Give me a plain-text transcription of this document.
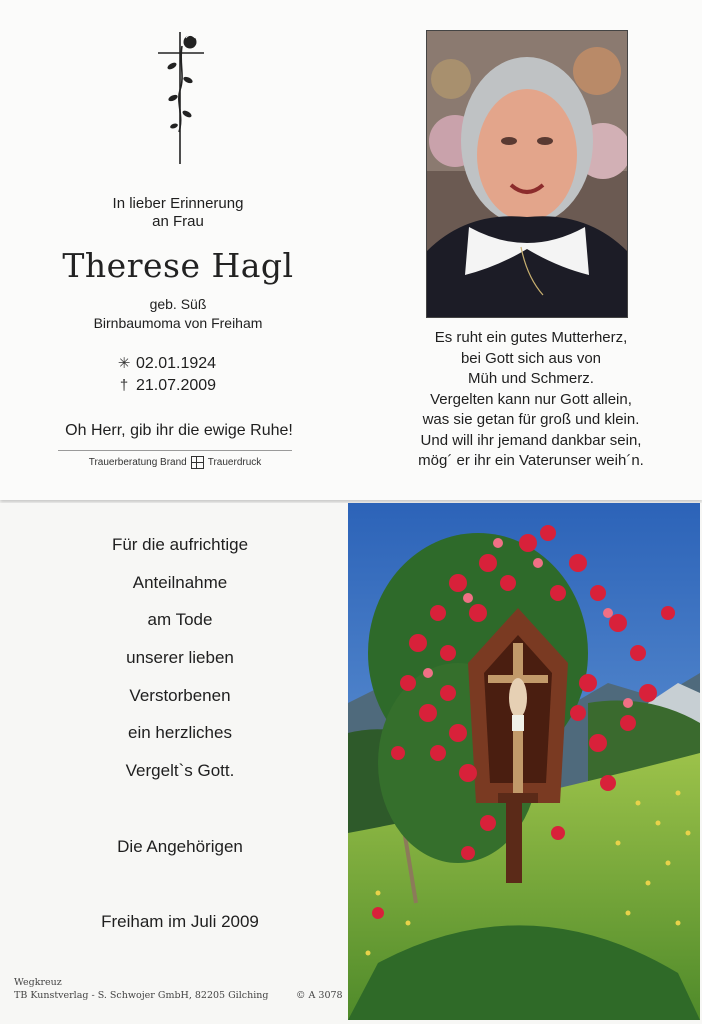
In lieber Erinnerung
an Frau
Therese Hagl
geb. Süß
Birnbaumoma von Freiham
✳ 02.01.1924
† 21.07.2009
Oh Herr, gib ihr die ewige Ruhe!
Trauerberatung Brand Trauerdruck
Es ruht ein gutes Mutterherz,
bei Gott sich aus von
Müh und Schmerz.
Vergelten kann nur Gott allein,
was sie getan für groß und klein.
Und will ihr jemand dankbar sein,
mög´ er ihr ein Vaterunser weih´n.
Für die aufrichtige
Anteilnahme
am Tode
unserer lieben
Verstorbenen
ein herzliches
Vergelt`s Gott.
Die Angehörigen
Freiham im Juli 2009
Wegkreuz
TB Kunstverlag - S. Schwojer GmbH, 82205 Gilching	© A 3078
